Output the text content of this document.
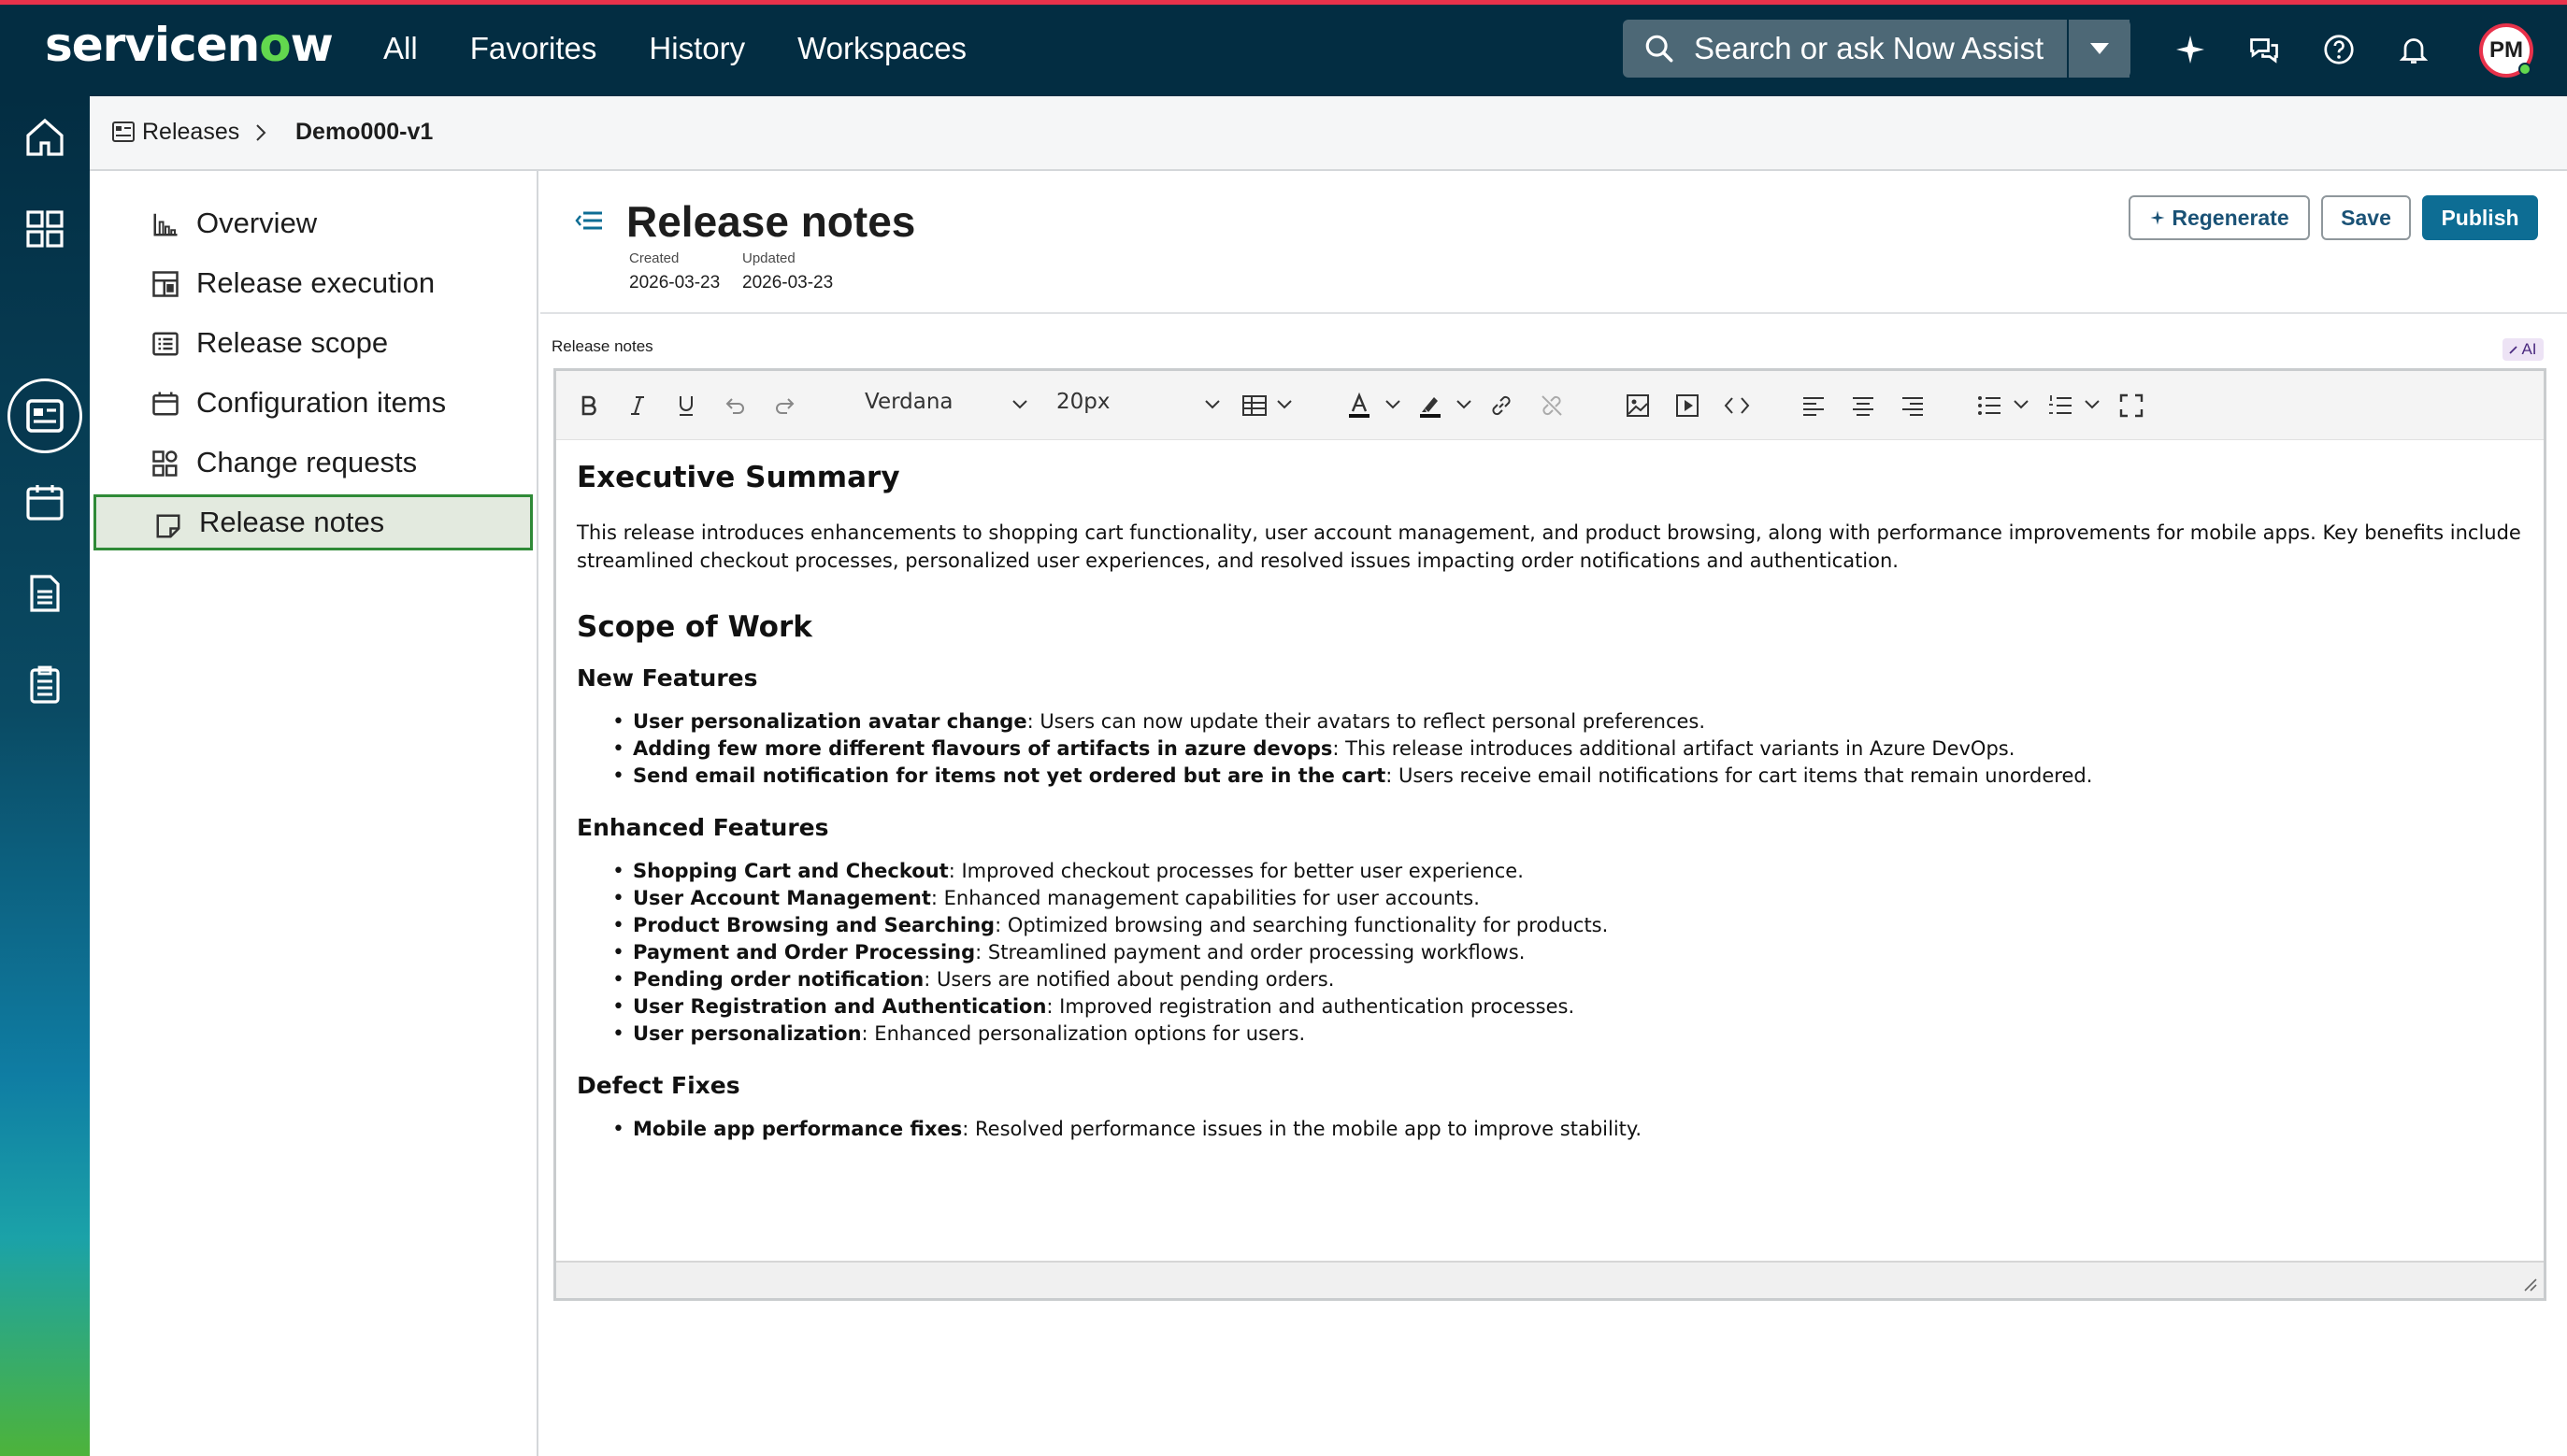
servicenow All Favorites History Workspaces	Search or ask Now Assist	PM
Releases Demo000-v1
Overview
Release execution
Release scope
Configuration items
Change requests
Release notes
Release notes
Created
2026-03-23
Updated
2026-03-23
Regenerate Save Publish
Release notes	AI
Verdana	20px
Executive Summary

This release introduces enhancements to shopping cart functionality, user account management, and product browsing, along with performance improvements for mobile apps. Key benefits include streamlined checkout processes, personalized user experiences, and resolved issues impacting order notifications and authentication.

Scope of Work
New Features
• User personalization avatar change: Users can now update their avatars to reflect personal preferences.
• Adding few more different flavours of artifacts in azure devops: This release introduces additional artifact variants in Azure DevOps.
• Send email notification for items not yet ordered but are in the cart: Users receive email notifications for cart items that remain unordered.
Enhanced Features
• Shopping Cart and Checkout: Improved checkout processes for better user experience.
• User Account Management: Enhanced management capabilities for user accounts.
• Product Browsing and Searching: Optimized browsing and searching functionality for products.
• Payment and Order Processing: Streamlined payment and order processing workflows.
• Pending order notification: Users are notified about pending orders.
• User Registration and Authentication: Improved registration and authentication processes.
• User personalization: Enhanced personalization options for users.
Defect Fixes
• Mobile app performance fixes: Resolved performance issues in the mobile app to improve stability.
